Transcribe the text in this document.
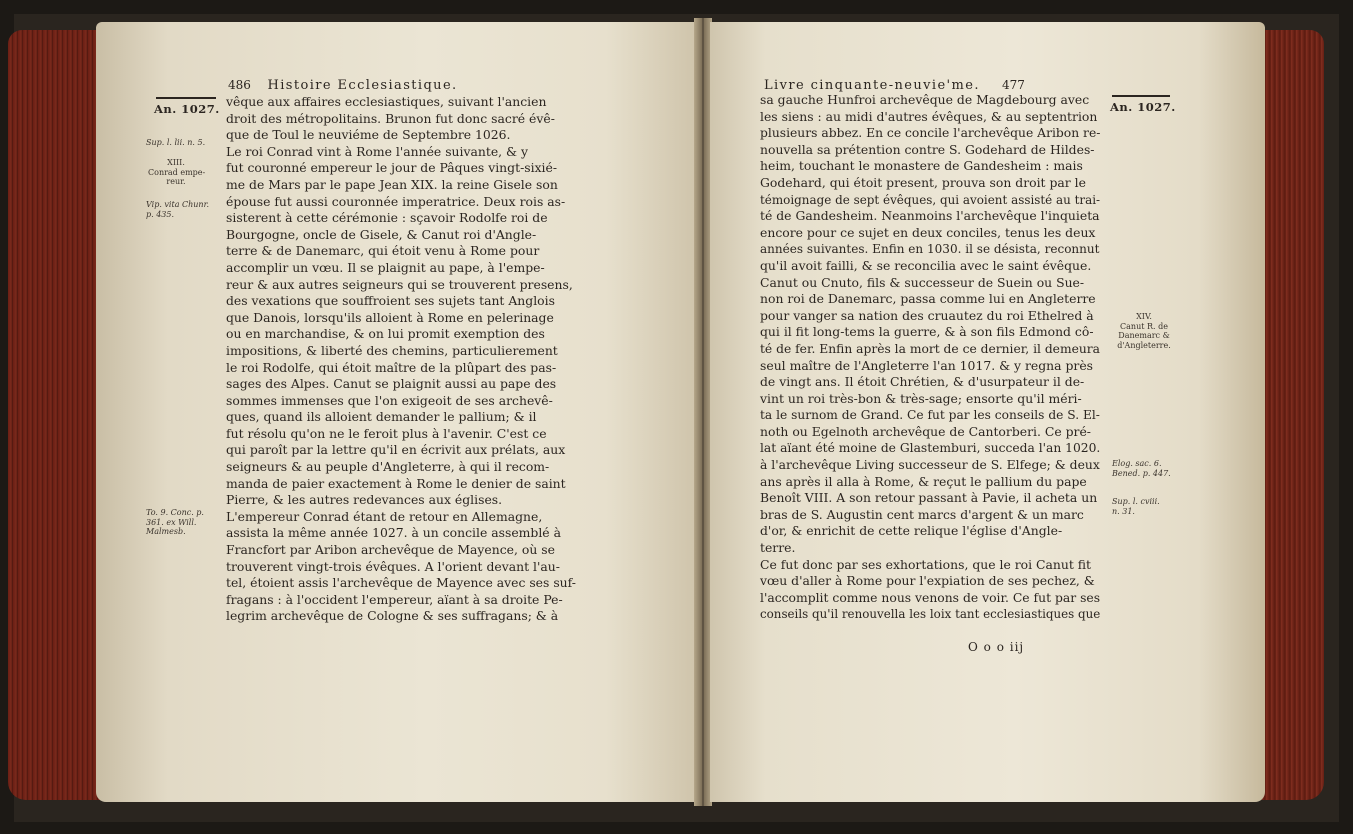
486 Histoire Ecclesiastique.
An. 1027.
Sup. l. lii. n. 5.
XIII.
Conrad empe-
reur.
Vip. vita Chunr.
p. 435.
To. 9. Conc. p.
361. ex Will.
Malmesb.
vêque aux affaires ecclesiastiques, suivant l'ancien
droit des métropolitains. Brunon fut donc sacré évê-
que de Toul le neuviéme de Septembre 1026.
Le roi Conrad vint à Rome l'année suivante, & y
fut couronné empereur le jour de Pâques vingt-sixié-
me de Mars par le pape Jean XIX. la reine Gisele son
épouse fut aussi couronnée imperatrice. Deux rois as-
sisterent à cette cérémonie : sçavoir Rodolfe roi de
Bourgogne, oncle de Gisele, & Canut roi d'Angle-
terre & de Danemarc, qui étoit venu à Rome pour
accomplir un vœu. Il se plaignit au pape, à l'empe-
reur & aux autres seigneurs qui se trouverent presens,
des vexations que souffroient ses sujets tant Anglois
que Danois, lorsqu'ils alloient à Rome en pelerinage
ou en marchandise, & on lui promit exemption des
impositions, & liberté des chemins, particulierement
le roi Rodolfe, qui étoit maître de la plûpart des pas-
sages des Alpes. Canut se plaignit aussi au pape des
sommes immenses que l'on exigeoit de ses archevê-
ques, quand ils alloient demander le pallium; & il
fut résolu qu'on ne le feroit plus à l'avenir. C'est ce
qui paroît par la lettre qu'il en écrivit aux prélats, aux
seigneurs & au peuple d'Angleterre, à qui il recom-
manda de paier exactement à Rome le denier de saint
Pierre, & les autres redevances aux églises.
L'empereur Conrad étant de retour en Allemagne,
assista la même année 1027. à un concile assemblé à
Francfort par Aribon archevêque de Mayence, où se
trouverent vingt-trois évêques. A l'orient devant l'au-
tel, étoient assis l'archevêque de Mayence avec ses suf-
fragans : à l'occident l'empereur, aïant à sa droite Pe-
legrim archevêque de Cologne & ses suffragans; & à
Livre cinquante-neuvie'me. 477
An. 1027.
XIV.
Canut R. de
Danemarc &
d'Angleterre.
Elog. sac. 6.
Bened. p. 447.
Sup. l. cviii.
n. 31.
sa gauche Hunfroi archevêque de Magdebourg avec
les siens : au midi d'autres évêques, & au septentrion
plusieurs abbez. En ce concile l'archevêque Aribon re-
nouvella sa prétention contre S. Godehard de Hildes-
heim, touchant le monastere de Gandesheim : mais
Godehard, qui étoit present, prouva son droit par le
témoignage de sept évêques, qui avoient assisté au trai-
té de Gandesheim. Neanmoins l'archevêque l'inquieta
encore pour ce sujet en deux conciles, tenus les deux
années suivantes. Enfin en 1030. il se désista, reconnut
qu'il avoit failli, & se reconcilia avec le saint évêque.
Canut ou Cnuto, fils & successeur de Suein ou Sue-
non roi de Danemarc, passa comme lui en Angleterre
pour vanger sa nation des cruautez du roi Ethelred à
qui il fit long-tems la guerre, & à son fils Edmond cô-
té de fer. Enfin après la mort de ce dernier, il demeura
seul maître de l'Angleterre l'an 1017. & y regna près
de vingt ans. Il étoit Chrétien, & d'usurpateur il de-
vint un roi très-bon & très-sage; ensorte qu'il méri-
ta le surnom de Grand. Ce fut par les conseils de S. El-
noth ou Egelnoth archevêque de Cantorberi. Ce pré-
lat aïant été moine de Glastemburi, succeda l'an 1020.
à l'archevêque Living successeur de S. Elfege; & deux
ans après il alla à Rome, & reçut le pallium du pape
Benoît VIII. A son retour passant à Pavie, il acheta un
bras de S. Augustin cent marcs d'argent & un marc
d'or, & enrichit de cette relique l'église d'Angle-
terre.
Ce fut donc par ses exhortations, que le roi Canut fit
vœu d'aller à Rome pour l'expiation de ses pechez, &
l'accomplit comme nous venons de voir. Ce fut par ses
conseils qu'il renouvella les loix tant ecclesiastiques que
O o o iij
